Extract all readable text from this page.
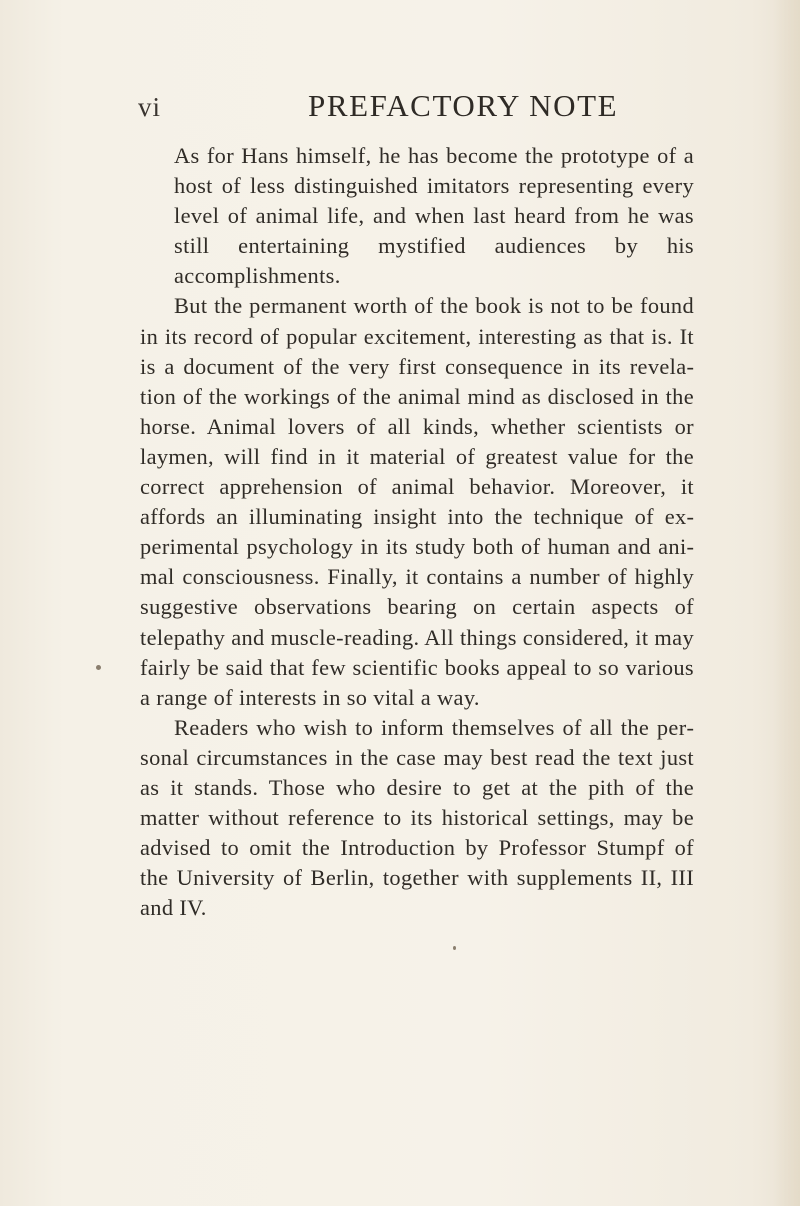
vi	PREFACTORY NOTE

As for Hans himself, he has become the prototype of a host of less distinguished imitators representing every level of animal life, and when last heard from he was still entertaining mystified audiences by his accomplishments.

But the permanent worth of the book is not to be found in its record of popular excitement, interesting as that is. It is a document of the very first consequence in its revelation of the workings of the animal mind as disclosed in the horse. Animal lovers of all kinds, whether scientists or laymen, will find in it material of greatest value for the correct apprehension of animal behavior. Moreover, it affords an illuminating insight into the technique of experimental psychology in its study both of human and animal consciousness. Finally, it contains a number of highly suggestive observations bearing on certain aspects of telepathy and muscle-reading. All things considered, it may fairly be said that few scientific books appeal to so various a range of interests in so vital a way.

Readers who wish to inform themselves of all the personal circumstances in the case may best read the text just as it stands. Those who desire to get at the pith of the matter without reference to its historical settings, may be advised to omit the Introduction by Professor Stumpf of the University of Berlin, together with supplements II, III and IV.
